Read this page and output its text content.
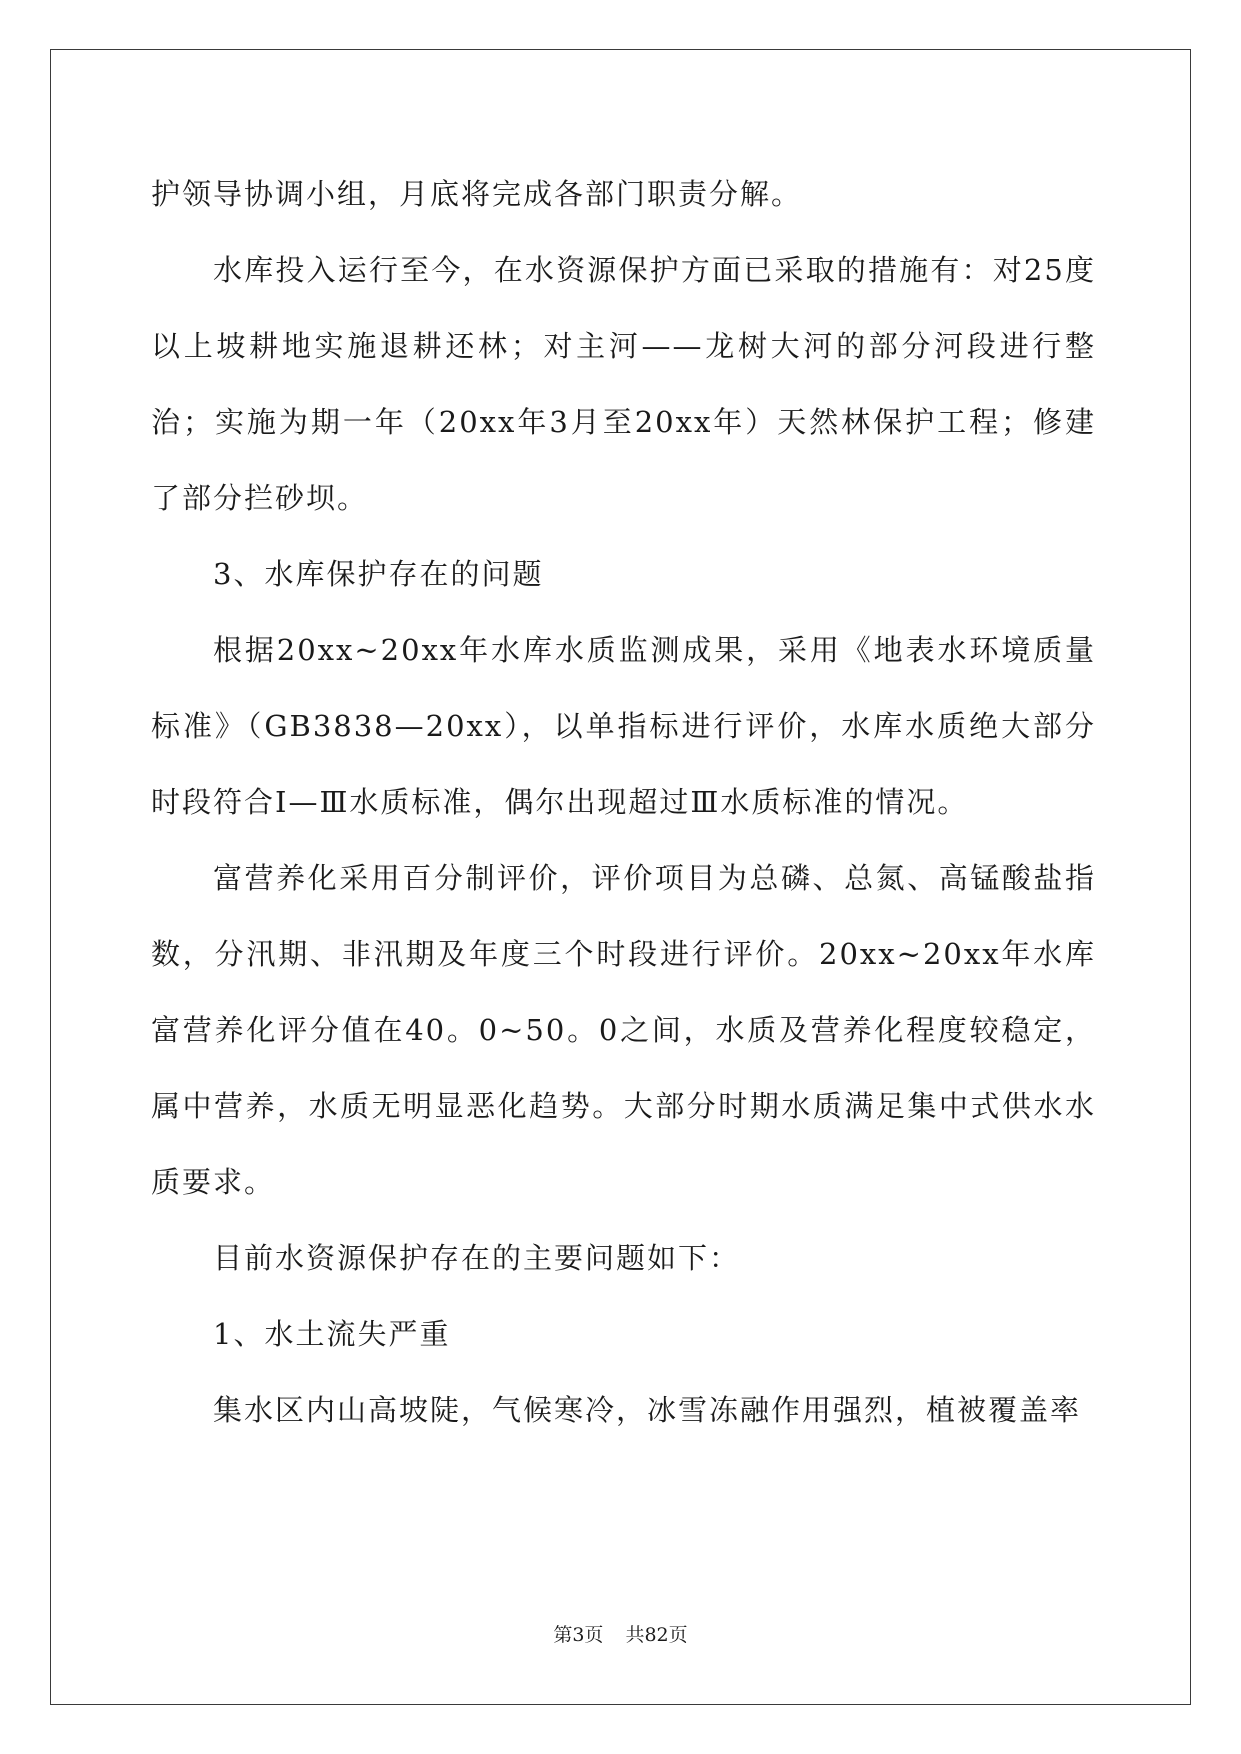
护领导协调小组，月底将完成各部门职责分解。

水库投入运行至今，在水资源保护方面已采取的措施有：对25度以上坡耕地实施退耕还林；对主河——龙树大河的部分河段进行整治；实施为期一年（20xx年3月至20xx年）天然林保护工程；修建了部分拦砂坝。

3、水库保护存在的问题

根据20xx~20xx年水库水质监测成果，采用《地表水环境质量标准》（GB3838—20xx），以单指标进行评价，水库水质绝大部分时段符合Ⅰ—Ⅲ水质标准，偶尔出现超过Ⅲ水质标准的情况。

富营养化采用百分制评价，评价项目为总磷、总氮、高锰酸盐指数，分汛期、非汛期及年度三个时段进行评价。20xx~20xx年水库富营养化评分值在40。0~50。0之间，水质及营养化程度较稳定，属中营养，水质无明显恶化趋势。大部分时期水质满足集中式供水水质要求。

目前水资源保护存在的主要问题如下：

1、水土流失严重

集水区内山高坡陡，气候寒冷，冰雪冻融作用强烈，植被覆盖率

第3页 共82页
